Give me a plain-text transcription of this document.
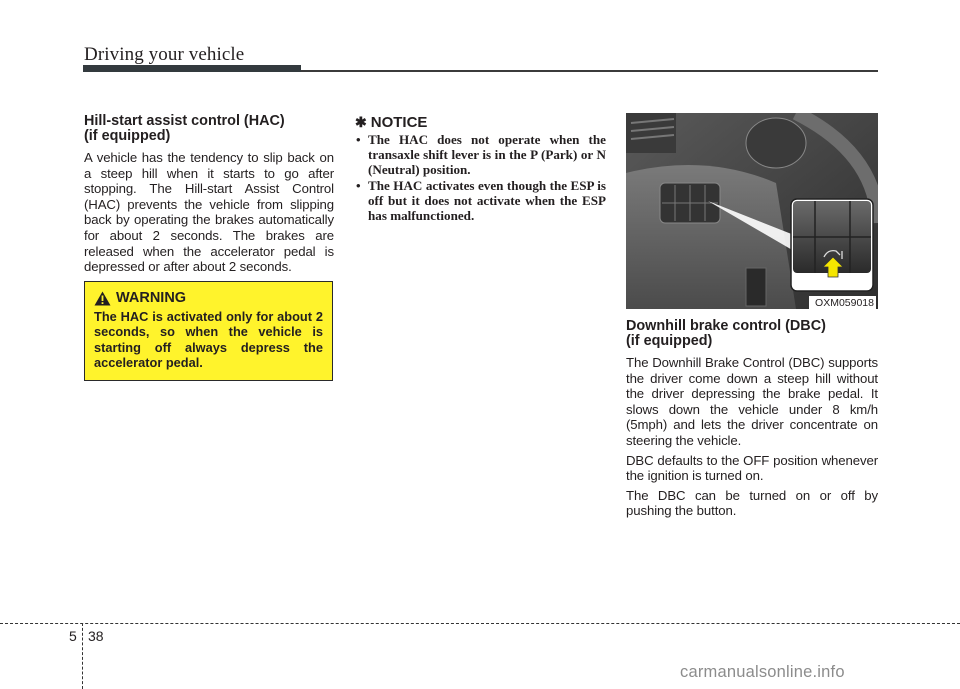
Driving your vehicle
Hill-start assist control (HAC)
(if equipped)

A vehicle has the tendency to slip back on a steep hill when it starts to go after stopping. The Hill-start Assist Control (HAC) prevents the vehicle from slipping back by operating the brakes automatically for about 2 seconds. The brakes are released when the accelerator pedal is depressed or after about 2 seconds.

WARNING

The HAC is activated only for about 2 seconds, so when the vehicle is starting off always depress the accelerator pedal.

✱ NOTICE
• The HAC does not operate when the transaxle shift lever is in the P (Park) or N (Neutral) position.
• The HAC activates even though the ESP is off but it does not activate when the ESP has malfunctioned.
OXM059018
Downhill brake control (DBC)
(if equipped)

The Downhill Brake Control (DBC) supports the driver come down a steep hill without the driver depressing the brake pedal. It slows down the vehicle under 8 km/h (5mph) and lets the driver concentrate on steering the vehicle.

DBC defaults to the OFF position whenever the ignition is turned on.

The DBC can be turned on or off by pushing the button.

5 38
carmanualsonline.info
